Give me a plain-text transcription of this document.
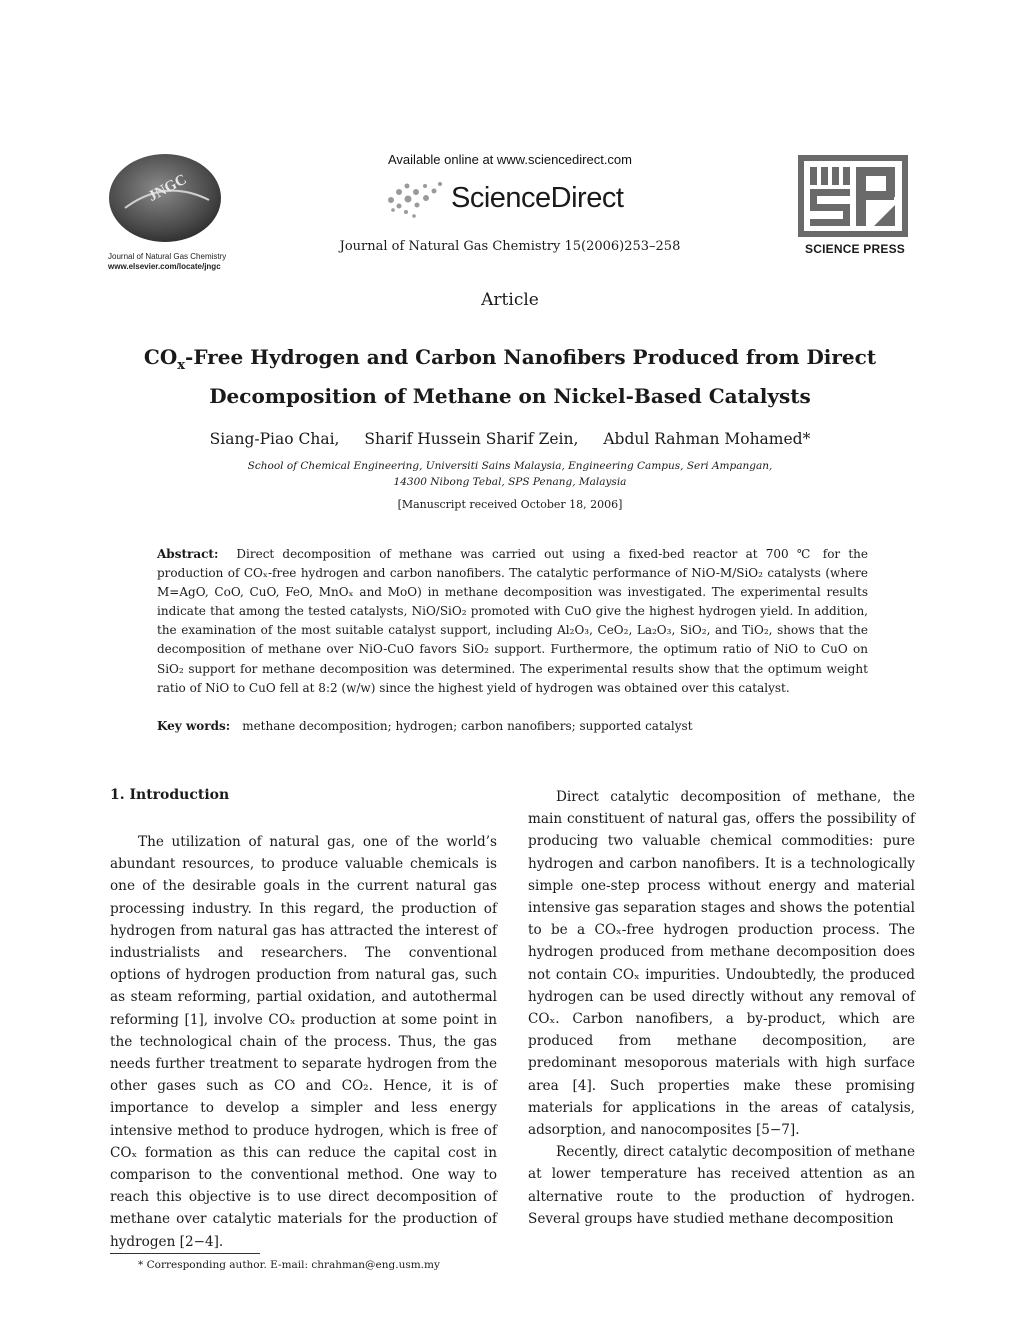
JNGC
Journal of Natural Gas Chemistry
www.elsevier.com/locate/jngc
Available online at www.sciencedirect.com
ScienceDirect
Journal of Natural Gas Chemistry 15(2006)253–258	SCIENCE PRESS
Article
$CO_x$-Free Hydrogen and Carbon Nanofibers Produced from Direct Decomposition of Methane on Nickel-Based Catalysts
Siang-Piao Chai, Sharif Hussein Sharif Zein, Abdul Rahman Mohamed*
School of Chemical Engineering, Universiti Sains Malaysia, Engineering Campus, Seri Ampangan,
14300 Nibong Tebal, SPS Penang, Malaysia
[Manuscript received October 18, 2006]
Abstract: Direct decomposition of methane was carried out using a fixed-bed reactor at 700 ℃ for the production of COₓ-free hydrogen and carbon nanofibers. The catalytic performance of NiO-M/SiO₂ catalysts (where M=AgO, CoO, CuO, FeO, MnOₓ and MoO) in methane decomposition was investigated. The experimental results indicate that among the tested catalysts, NiO/SiO₂ promoted with CuO give the highest hydrogen yield. In addition, the examination of the most suitable catalyst support, including Al₂O₃, CeO₂, La₂O₃, SiO₂, and TiO₂, shows that the decomposition of methane over NiO-CuO favors SiO₂ support. Furthermore, the optimum ratio of NiO to CuO on SiO₂ support for methane decomposition was determined. The experimental results show that the optimum weight ratio of NiO to CuO fell at 8:2 (w/w) since the highest yield of hydrogen was obtained over this catalyst.
Key words: methane decomposition; hydrogen; carbon nanofibers; supported catalyst
1. Introduction

The utilization of natural gas, one of the world’s abundant resources, to produce valuable chemicals is one of the desirable goals in the current natural gas processing industry. In this regard, the production of hydrogen from natural gas has attracted the interest of industrialists and researchers. The conventional options of hydrogen production from natural gas, such as steam reforming, partial oxidation, and autothermal reforming [1], involve COₓ production at some point in the technological chain of the process. Thus, the gas needs further treatment to separate hydrogen from the other gases such as CO and CO₂. Hence, it is of importance to develop a simpler and less energy intensive method to produce hydrogen, which is free of COₓ formation as this can reduce the capital cost in comparison to the conventional method. One way to reach this objective is to use direct decomposition of methane over catalytic materials for the production of hydrogen [2−4].

Direct catalytic decomposition of methane, the main constituent of natural gas, offers the possibility of producing two valuable chemical commodities: pure hydrogen and carbon nanofibers. It is a technologically simple one-step process without energy and material intensive gas separation stages and shows the potential to be a COₓ-free hydrogen production process. The hydrogen produced from methane decomposition does not contain COₓ impurities. Undoubtedly, the produced hydrogen can be used directly without any removal of COₓ. Carbon nanofibers, a by-product, which are produced from methane decomposition, are predominant mesoporous materials with high surface area [4]. Such properties make these promising materials for applications in the areas of catalysis, adsorption, and nanocomposites [5−7].

Recently, direct catalytic decomposition of methane at lower temperature has received attention as an alternative route to the production of hydrogen. Several groups have studied methane decomposition

* Corresponding author. E-mail: chrahman@eng.usm.my
